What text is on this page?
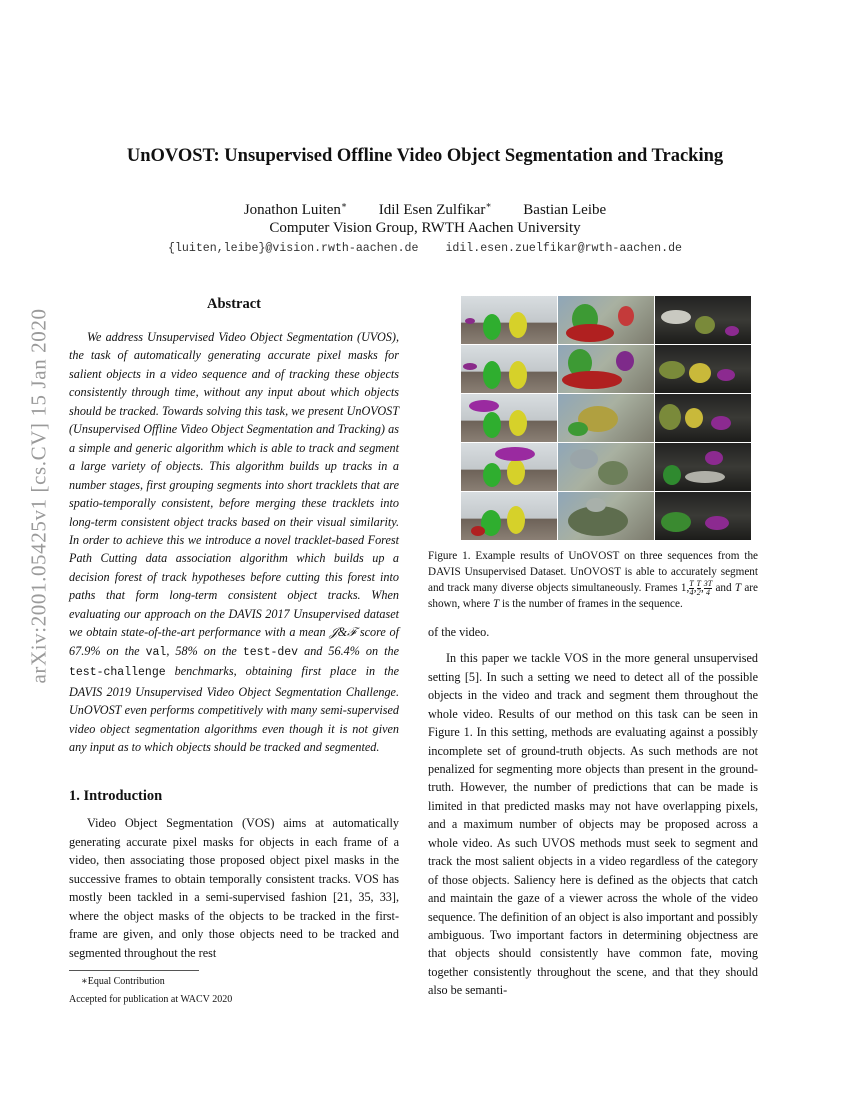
arXiv:2001.05425v1 [cs.CV] 15 Jan 2020
UnOVOST: Unsupervised Offline Video Object Segmentation and Tracking
Jonathon Luiten∗ Idil Esen Zulfikar∗ Bastian Leibe
Computer Vision Group, RWTH Aachen University
{luiten,leibe}@vision.rwth-aachen.de idil.esen.zuelfikar@rwth-aachen.de
Abstract

We address Unsupervised Video Object Segmentation (UVOS), the task of automatically generating accurate pixel masks for salient objects in a video sequence and of tracking these objects consistently through time, without any input about which objects should be tracked. Towards solving this task, we present UnOVOST (Unsupervised Offline Video Object Segmentation and Tracking) as a simple and generic algorithm which is able to track and segment a large variety of objects. This algorithm builds up tracks in a number stages, first grouping segments into short tracklets that are spatio-temporally consistent, before merging these tracklets into long-term consistent object tracks based on their visual similarity. In order to achieve this we introduce a novel tracklet-based Forest Path Cutting data association algorithm which builds up a decision forest of track hypotheses before cutting this forest into paths that form long-term consistent object tracks. When evaluating our approach on the DAVIS 2017 Unsupervised dataset we obtain state-of-the-art performance with a mean 𝒥&ℱ score of 67.9% on the val, 58% on the test-dev and 56.4% on the test-challenge benchmarks, obtaining first place in the DAVIS 2019 Unsupervised Video Object Segmentation Challenge. UnOVOST even performs competitively with many semi-supervised video object segmentation algorithms even though it is not given any input as to which objects should be tracked and segmented.

1. Introduction

Video Object Segmentation (VOS) aims at automatically generating accurate pixel masks for objects in each frame of a video, then associating those proposed object pixel masks in the successive frames to obtain temporally consistent tracks. VOS has mostly been tackled in a semi-supervised fashion [21, 35, 33], where the object masks of the objects to be tracked in the first-frame are given, and only those objects need to be tracked and segmented throughout the rest

∗Equal Contribution

Accepted for publication at WACV 2020

Figure 1. Example results of UnOVOST on three sequences from the DAVIS Unsupervised Dataset. UnOVOST is able to accurately segment and track many diverse objects simultaneously. Frames 1, $\frac{T}{4}$, $\frac{T}{2}$, $\frac{3T}{4}$ and T are shown, where T is the number of frames in the sequence.

of the video.

In this paper we tackle VOS in the more general unsupervised setting [5]. In such a setting we need to detect all of the possible objects in the video and track and segment them throughout the whole video. Results of our method on this task can be seen in Figure 1. In this setting, methods are evaluating against a possibly incomplete set of ground-truth objects. As such methods are not penalized for segmenting more objects than present in the ground-truth. However, the number of predictions that can be made is limited in that predicted masks may not have overlapping pixels, and a maximum number of objects may be proposed across a whole video. As such UVOS methods must seek to segment and track the most salient objects in a video regardless of the category of those objects. Saliency here is defined as the objects that catch and maintain the gaze of a viewer across the whole of the video sequence. The definition of an object is also important and possibly ambiguous. Two important factors in determining objectness are that objects should consistently have common fate, moving together consistently throughout the scene, and that they should also be semanti-
